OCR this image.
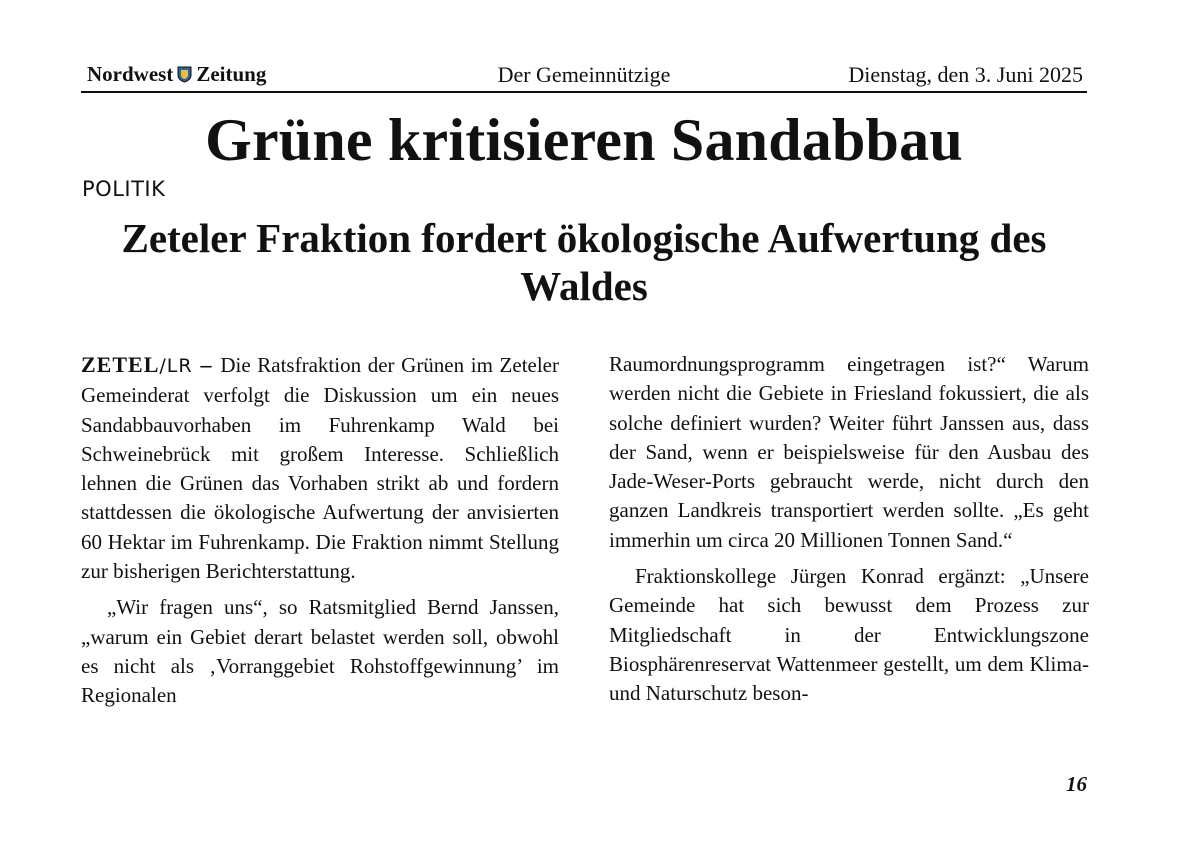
Nordwest Zeitung	Der Gemeinnützige	Dienstag, den 3. Juni 2025
Grüne kritisieren Sandabbau
POLITIK
Zeteler Fraktion fordert ökologische Aufwertung des Waldes

ZETEL/LR – Die Ratsfraktion der Grünen im Zeteler Gemeinderat verfolgt die Diskussion um ein neues Sandabbauvorhaben im Fuhrenkamp Wald bei Schweinebrück mit großem Interesse. Schließlich lehnen die Grünen das Vorhaben strikt ab und fordern stattdessen die ökologische Aufwertung der anvisierten 60 Hektar im Fuhrenkamp. Die Fraktion nimmt Stellung zur bisherigen Berichterstattung.

„Wir fragen uns“, so Ratsmitglied Bernd Janssen, „warum ein Gebiet derart belastet werden soll, obwohl es nicht als ‚Vorranggebiet Rohstoffgewinnung’ im Regionalen

Raumordnungsprogramm eingetragen ist?“ Warum werden nicht die Gebiete in Friesland fokussiert, die als solche definiert wurden? Weiter führt Janssen aus, dass der Sand, wenn er beispielsweise für den Ausbau des Jade-Weser-Ports gebraucht werde, nicht durch den ganzen Landkreis transportiert werden sollte. „Es geht immerhin um circa 20 Millionen Tonnen Sand.“

Fraktionskollege Jürgen Konrad ergänzt: „Unsere Gemeinde hat sich bewusst dem Prozess zur Mitgliedschaft in der Entwicklungszone Biosphärenreservat Wattenmeer gestellt, um dem Klima- und Naturschutz beson-

16
